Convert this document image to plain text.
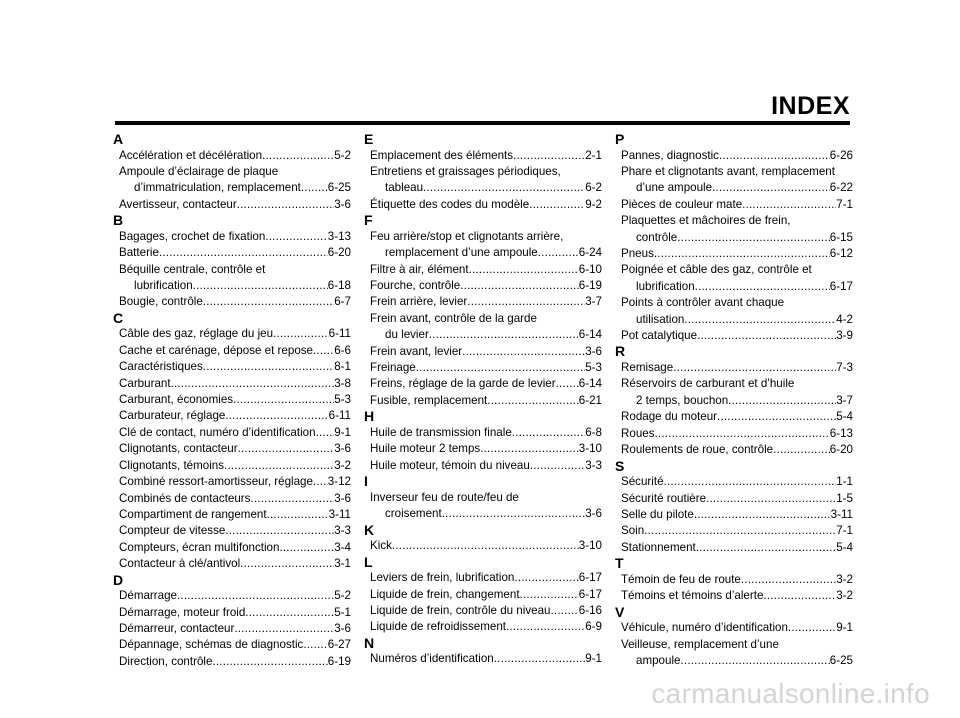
INDEX
A
Accélération et décélération .....	5-2
Ampoule d’éclairage de plaque
d’immatriculation, remplacement ..... 6-25
Avertisseur, contacteur .....	3-6
B
Bagages, crochet de fixation .....	3-13
Batterie .....	6-20
Béquille centrale, contrôle et
lubrification .....	6-18
Bougie, contrôle .....	6-7
C
Câble des gaz, réglage du jeu .....	6-11
Cache et carénage, dépose et repose ..... 6-6
Caractéristiques .....	8-1
Carburant .....	3-8
Carburant, économies .....	5-3
Carburateur, réglage .....	6-11
Clé de contact, numéro d’identification ..... 9-1
Clignotants, contacteur .....	3-6
Clignotants, témoins .....	3-2
Combiné ressort-amortisseur, réglage ..... 3-12
Combinés de contacteurs .....	3-6
Compartiment de rangement .....	3-11
Compteur de vitesse .....	3-3
Compteurs, écran multifonction .....	3-4
Contacteur à clé/antivol .....	3-1
D
Démarrage .....	5-2
Démarrage, moteur froid .....	5-1
Démarreur, contacteur .....	3-6
Dépannage, schémas de diagnostic ..... 6-27
Direction, contrôle .....	6-19
E
Emplacement des éléments .....	2-1
Entretiens et graissages périodiques,
tableau .....	6-2
Étiquette des codes du modèle .....	9-2
F
Feu arrière/stop et clignotants arrière,
remplacement d’une ampoule .....	6-24
Filtre à air, élément .....	6-10
Fourche, contrôle .....	6-19
Frein arrière, levier .....	3-7
Frein avant, contrôle de la garde
du levier .....	6-14
Frein avant, levier .....	3-6
Freinage .....	5-3
Freins, réglage de la garde de levier ..... 6-14
Fusible, remplacement .....	6-21
H
Huile de transmission finale .....	6-8
Huile moteur 2 temps .....	3-10
Huile moteur, témoin du niveau .....	3-3
I
Inverseur feu de route/feu de
croisement .....	3-6
K
Kick .....	3-10
L
Leviers de frein, lubrification .....	6-17
Liquide de frein, changement .....	6-17
Liquide de frein, contrôle du niveau ..... 6-16
Liquide de refroidissement .....	6-9
N
Numéros d’identification .....	9-1
P
Pannes, diagnostic .....	6-26
Phare et clignotants avant, remplacement
d’une ampoule .....	6-22
Pièces de couleur mate .....	7-1
Plaquettes et mâchoires de frein,
contrôle .....	6-15
Pneus .....	6-12
Poignée et câble des gaz, contrôle et
lubrification .....	6-17
Points à contrôler avant chaque
utilisation .....	4-2
Pot catalytique .....	3-9
R
Remisage .....	7-3
Réservoirs de carburant et d’huile
2 temps, bouchon .....	3-7
Rodage du moteur .....	5-4
Roues .....	6-13
Roulements de roue, contrôle .....	6-20
S
Sécurité .....	1-1
Sécurité routière .....	1-5
Selle du pilote .....	3-11
Soin .....	7-1
Stationnement .....	5-4
T
Témoin de feu de route .....	3-2
Témoins et témoins d’alerte .....	3-2
V
Véhicule, numéro d’identification .....	9-1
Veilleuse, remplacement d’une
ampoule .....	6-25
carmanualsonline.info
